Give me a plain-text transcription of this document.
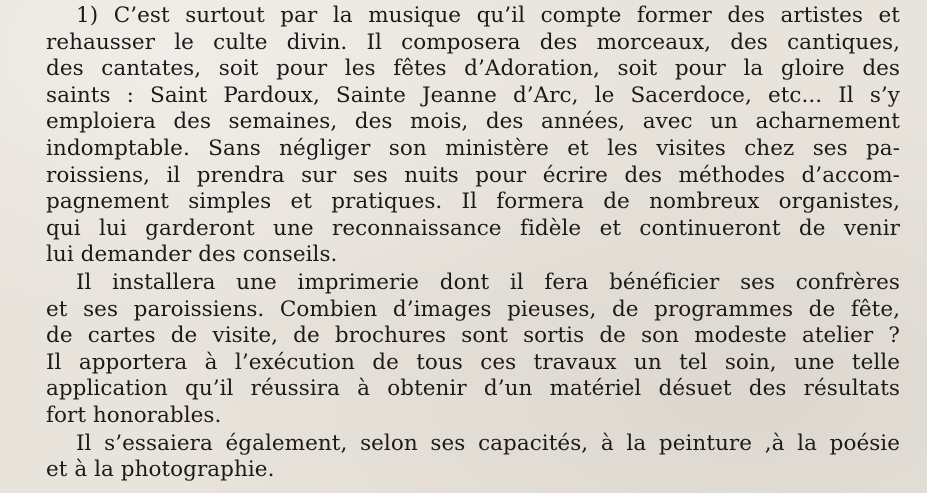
1) C’est surtout par la musique qu’il compte former des artistes et
rehausser le culte divin. Il composera des morceaux, des cantiques,
des cantates, soit pour les fêtes d’Adoration, soit pour la gloire des
saints : Saint Pardoux, Sainte Jeanne d’Arc, le Sacerdoce, etc... Il s’y
emploiera des semaines, des mois, des années, avec un acharnement
indomptable. Sans négliger son ministère et les visites chez ses pa-
roissiens, il prendra sur ses nuits pour écrire des méthodes d’accom-
pagnement simples et pratiques. Il formera de nombreux organistes,
qui lui garderont une reconnaissance fidèle et continueront de venir
lui demander des conseils.
Il installera une imprimerie dont il fera bénéficier ses confrères
et ses paroissiens. Combien d’images pieuses, de programmes de fête,
de cartes de visite, de brochures sont sortis de son modeste atelier ?
Il apportera à l’exécution de tous ces travaux un tel soin, une telle
application qu’il réussira à obtenir d’un matériel désuet des résultats
fort honorables.
Il s’essaiera également, selon ses capacités, à la peinture ,à la poésie
et à la photographie.
